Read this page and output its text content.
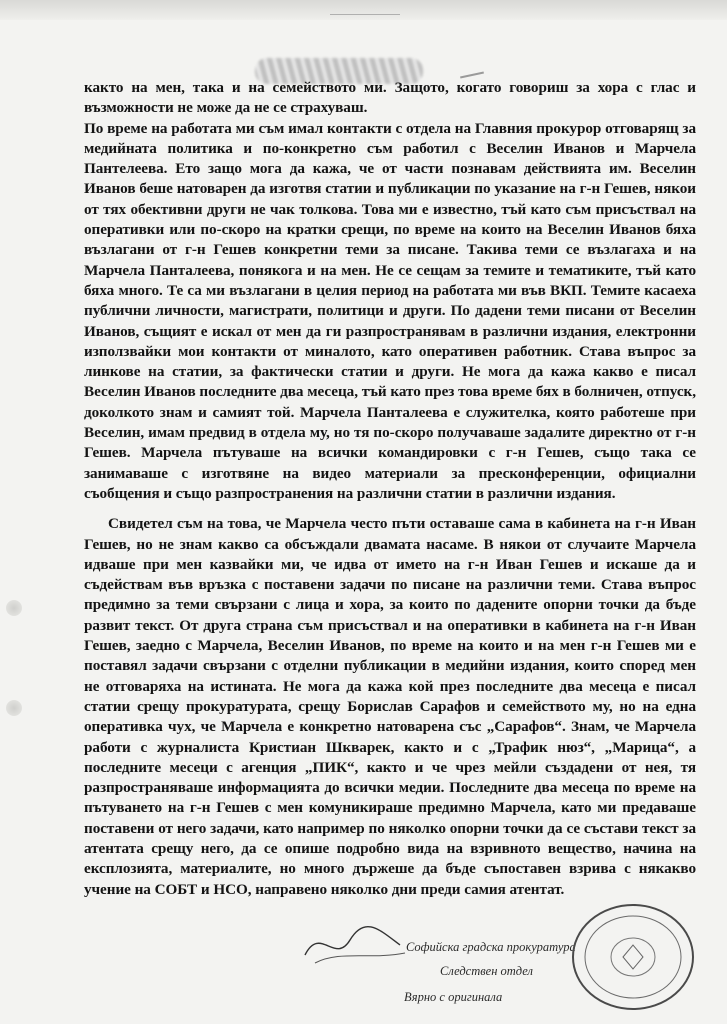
както на мен, така и на семейството ми. Защото, когато говориш за хора с глас и възможности не може да не се страхуваш.

По време на работата ми съм имал контакти с отдела на Главния прокурор отговарящ за медийната политика и по-конкретно съм работил с Веселин Иванов и Марчела Пантелеева. Ето защо мога да кажа, че от части познавам действията им. Веселин Иванов беше натоварен да изготвя статии и публикации по указание на г-н Гешев, някои от тях обективни други не чак толкова. Това ми е известно, тъй като съм присъствал на оперативки или по-скоро на кратки срещи, по време на които на Веселин Иванов бяха възлагани от г-н Гешев конкретни теми за писане. Такива теми се възлагаха и на Марчела Панталеева, понякога и на мен. Не се сещам за темите и тематиките, тъй като бяха много. Те са ми възлагани в целия период на работата ми във ВКП. Темите касаеха публични личности, магистрати, политици и други. По дадени теми писани от Веселин Иванов, същият е искал от мен да ги разпространявам в различни издания, електронни използвайки мои контакти от миналото, като оперативен работник. Става въпрос за линкове на статии, за фактически статии и други. Не мога да кажа какво е писал Веселин Иванов последните два месеца, тъй като през това време бях в болничен, отпуск, доколкото знам и самият той. Марчела Панталеева е служителка, която работеше при Веселин, имам предвид в отдела му, но тя по-скоро получаваше задалите директно от г-н Гешев. Марчела пътуваше на всички командировки с г-н Гешев, също така се занимаваше с изготвяне на видео материали за пресконференции, официални съобщения и също разпространения на различни статии в различни издания.

Свидетел съм на това, че Марчела често пъти оставаше сама в кабинета на г-н Иван Гешев, но не знам какво са обсъждали двамата насаме. В някои от случаите Марчела идваше при мен казвайки ми, че идва от името на г-н Иван Гешев и искаше да и съдействам във връзка с поставени задачи по писане на различни теми. Става въпрос предимно за теми свързани с лица и хора, за които по дадените опорни точки да бъде развит текст. От друга страна съм присъствал и на оперативки в кабинета на г-н Иван Гешев, заедно с Марчела, Веселин Иванов, по време на които и на мен г-н Гешев ми е поставял задачи свързани с отделни публикации в медийни издания, които според мен не отговаряха на истината. Не мога да кажа кой през последните два месеца е писал статии срещу прокуратурата, срещу Борислав Сарафов и семейството му, но на една оперативка чух, че Марчела е конкретно натоварена със „Сарафов“. Знам, че Марчела работи с журналиста Кристиан Шкварек, както и с „Трафик нюз“, „Марица“, а последните месеци с агенция „ПИК“, както и че чрез мейли създадени от нея, тя разпространяваше информацията до всички медии. Последните два месеца по време на пътуването на г-н Гешев с мен комуникираше предимно Марчела, като ми предаваше поставени от него задачи, като например по няколко опорни точки да се състави текст за атентата срещу него, да се опише подробно вида на взривното вещество, начина на експлозията, материалите, но много държеше да бъде съпоставен взрива с някакво учение на СОБТ и НСО, направено няколко дни преди самия атентат.

Софийска градска прокуратура
Следствен отдел
Вярно с оригинала
